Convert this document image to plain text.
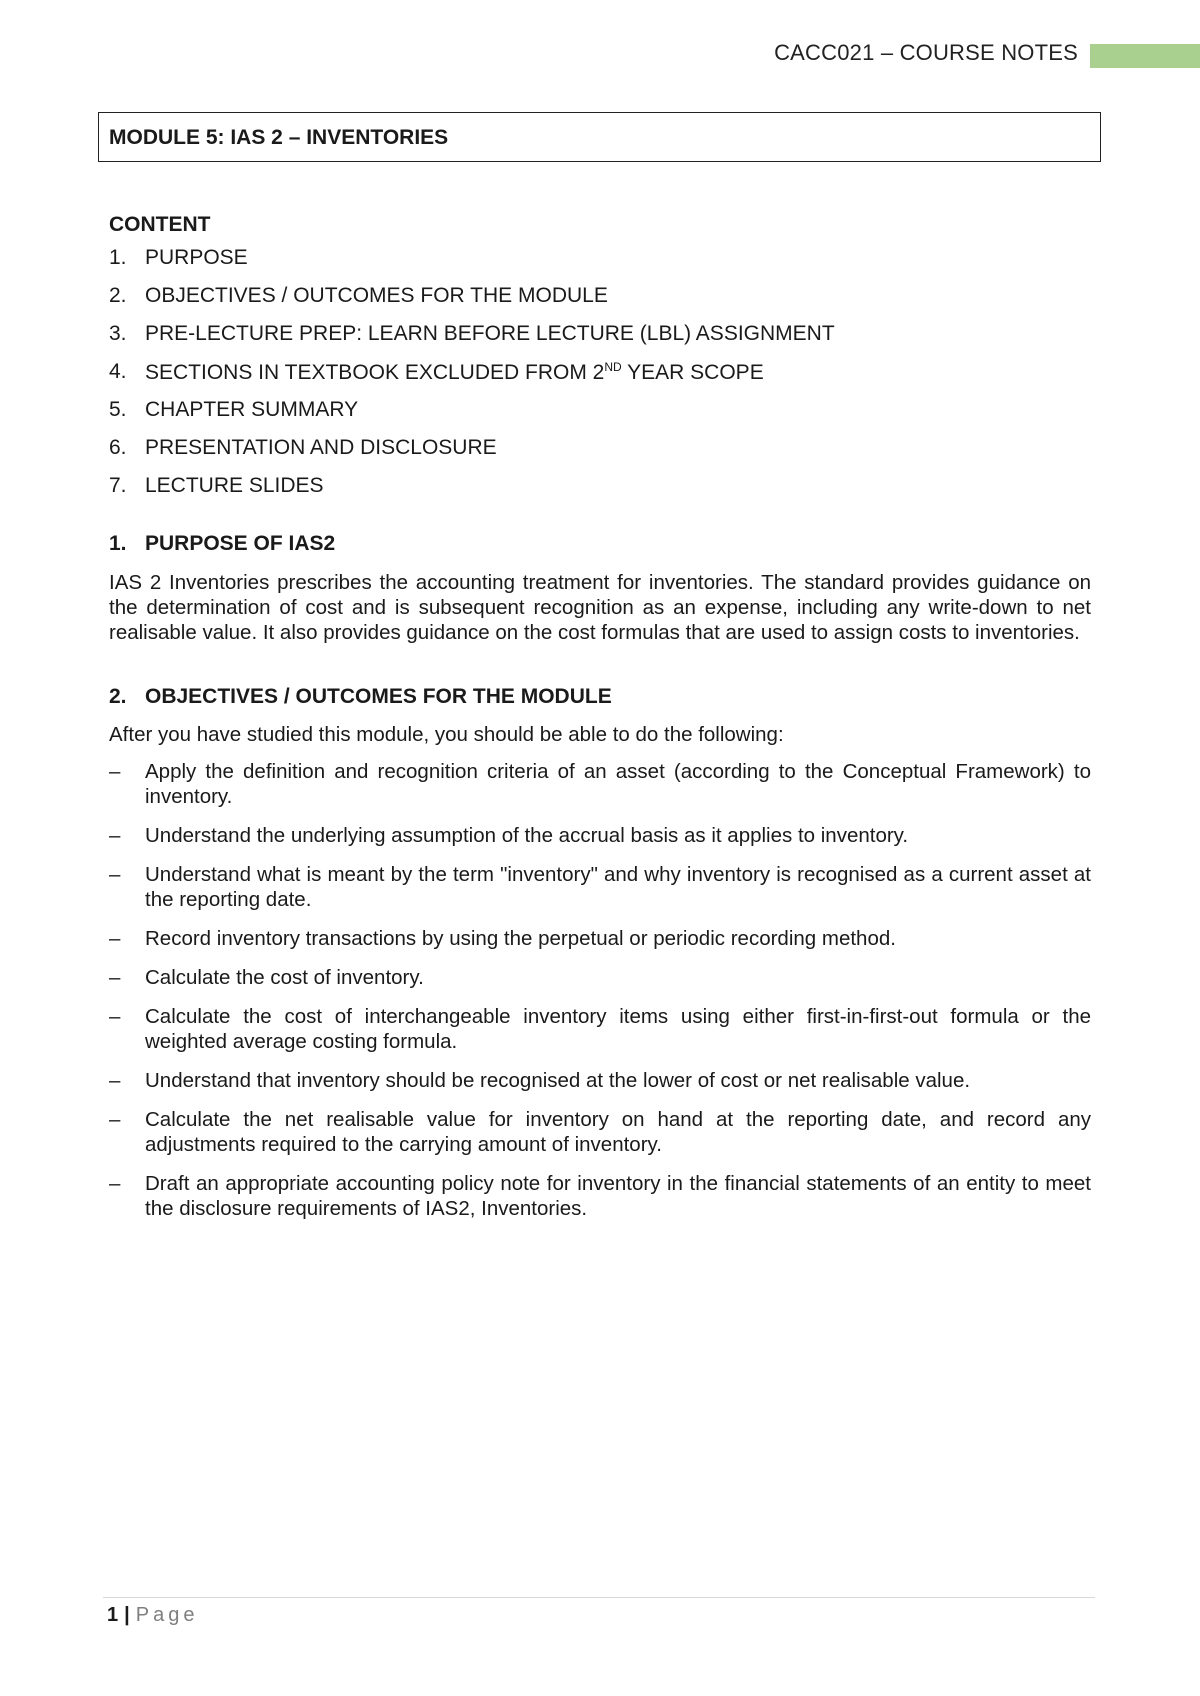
CACC021 – COURSE NOTES
MODULE 5: IAS 2 – INVENTORIES
CONTENT
1. PURPOSE
2. OBJECTIVES / OUTCOMES FOR THE MODULE
3. PRE-LECTURE PREP: LEARN BEFORE LECTURE (LBL) ASSIGNMENT
4. SECTIONS IN TEXTBOOK EXCLUDED FROM 2ND YEAR SCOPE
5. CHAPTER SUMMARY
6. PRESENTATION AND DISCLOSURE
7. LECTURE SLIDES
1. PURPOSE OF IAS2

IAS 2 Inventories prescribes the accounting treatment for inventories. The standard provides guidance on the determination of cost and is subsequent recognition as an expense, including any write-down to net realisable value. It also provides guidance on the cost formulas that are used to assign costs to inventories.

2. OBJECTIVES / OUTCOMES FOR THE MODULE

After you have studied this module, you should be able to do the following:

–	Apply the definition and recognition criteria of an asset (according to the Conceptual Framework) to inventory.
–	Understand the underlying assumption of the accrual basis as it applies to inventory.
–	Understand what is meant by the term "inventory" and why inventory is recognised as a current asset at the reporting date.
–	Record inventory transactions by using the perpetual or periodic recording method.
–	Calculate the cost of inventory.
–	Calculate the cost of interchangeable inventory items using either first-in-first-out formula or the weighted average costing formula.
–	Understand that inventory should be recognised at the lower of cost or net realisable value.
–	Calculate the net realisable value for inventory on hand at the reporting date, and record any adjustments required to the carrying amount of inventory.
–	Draft an appropriate accounting policy note for inventory in the financial statements of an entity to meet the disclosure requirements of IAS2, Inventories.
1 | Page
